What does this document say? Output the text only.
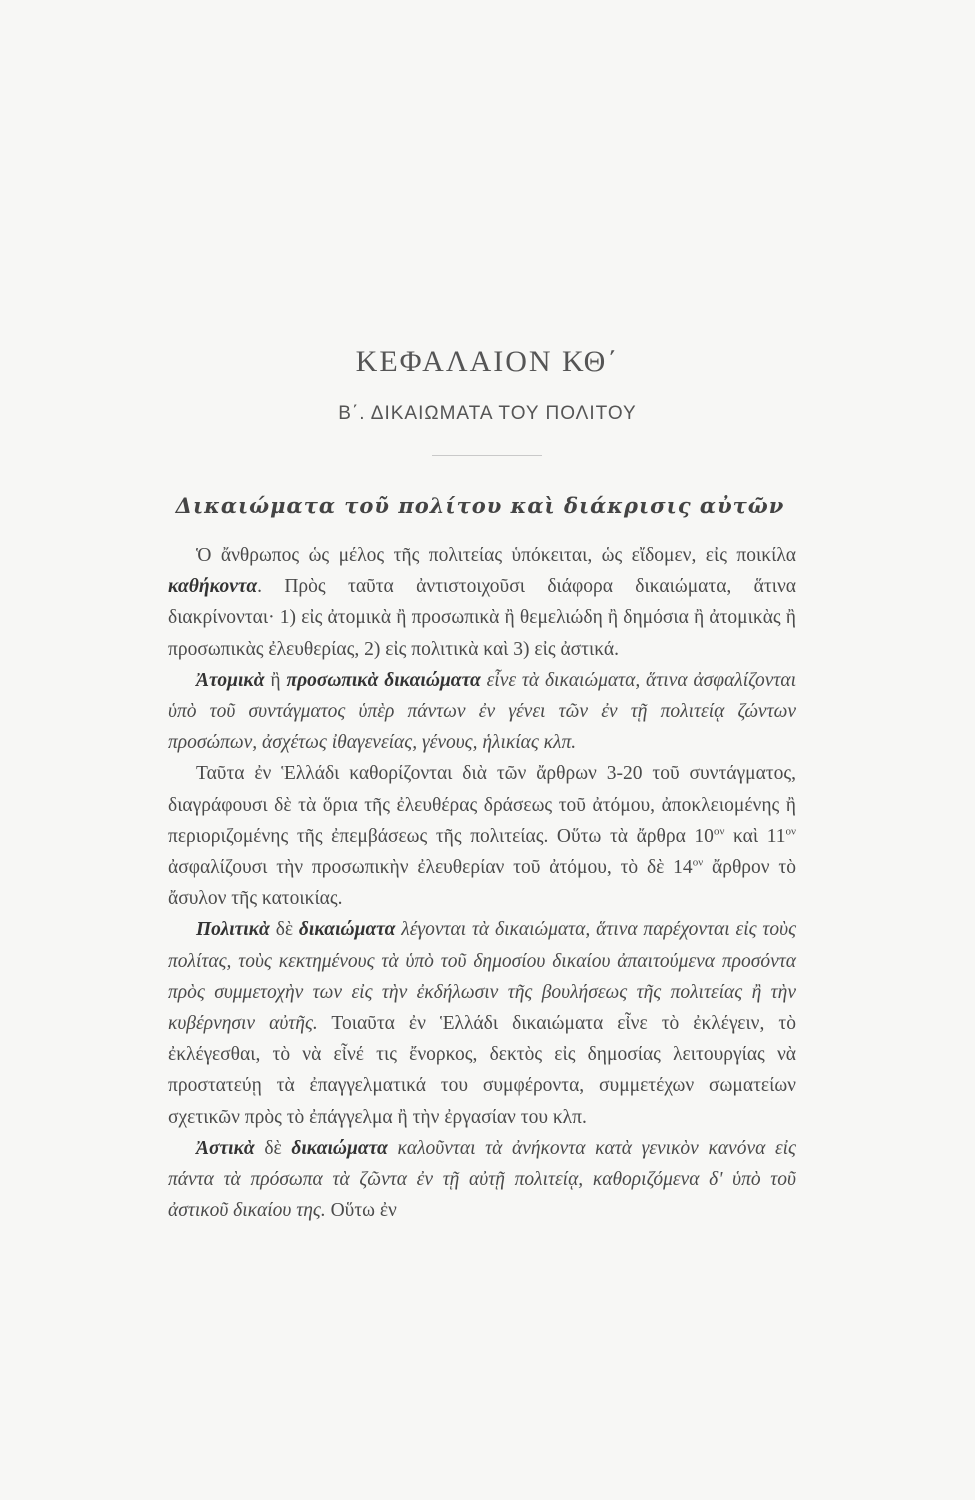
ΚΕΦΑΛΑΙΟΝ ΚΘ΄
Β΄. ΔΙΚΑΙΩΜΑΤΑ ΤΟΥ ΠΟΛΙΤΟΥ
Δικαιώματα τοῦ πολίτου καὶ διάκρισις αὐτῶν

Ὁ ἄνθρωπος ὡς μέλος τῆς πολιτείας ὑπόκειται, ὡς εἴδομεν, εἰς ποικίλα καθήκοντα. Πρὸς ταῦτα ἀντιστοιχοῦσι διάφορα δικαιώματα, ἅτινα διακρίνονται· 1) εἰς ἀτομικὰ ἢ προσωπικὰ ἢ θεμελιώδη ἢ δημόσια ἢ ἀτομικὰς ἢ προσωπικὰς ἐλευθερίας, 2) εἰς πολιτικὰ καὶ 3) εἰς ἀστικά.

Ἀτομικὰ ἢ προσωπικὰ δικαιώματα εἶνε τὰ δικαιώματα, ἅτινα ἀσφαλίζονται ὑπὸ τοῦ συντάγματος ὑπὲρ πάντων ἐν γένει τῶν ἐν τῇ πολιτείᾳ ζώντων προσώπων, ἀσχέτως ἰθαγενείας, γένους, ἡλικίας κλπ.

Ταῦτα ἐν Ἑλλάδι καθορίζονται διὰ τῶν ἄρθρων 3-20 τοῦ συντάγματος, διαγράφουσι δὲ τὰ ὅρια τῆς ἐλευθέρας δράσεως τοῦ ἀτόμου, ἀποκλειομένης ἢ περιοριζομένης τῆς ἐπεμβάσεως τῆς πολιτείας. Οὕτω τὰ ἄρθρα $10^{o\nu}$ καὶ $11^{o\nu}$ ἀσφαλίζουσι τὴν προσωπικὴν ἐλευθερίαν τοῦ ἀτόμου, τὸ δὲ $14^{o\nu}$ ἄρθρον τὸ ἄσυλον τῆς κατοικίας.

Πολιτικὰ δὲ δικαιώματα λέγονται τὰ δικαιώματα, ἅτινα παρέχονται εἰς τοὺς πολίτας, τοὺς κεκτημένους τὰ ὑπὸ τοῦ δημοσίου δικαίου ἀπαιτούμενα προσόντα πρὸς συμμετοχὴν των εἰς τὴν ἐκδήλωσιν τῆς βουλήσεως τῆς πολιτείας ἢ τὴν κυβέρνησιν αὐτῆς. Τοιαῦτα ἐν Ἑλλάδι δικαιώματα εἶνε τὸ ἐκλέγειν, τὸ ἐκλέγεσθαι, τὸ νὰ εἶνέ τις ἔνορκος, δεκτὸς εἰς δημοσίας λειτουργίας νὰ προστατεύῃ τὰ ἐπαγγελματικά του συμφέροντα, συμμετέχων σωματείων σχετικῶν πρὸς τὸ ἐπάγγελμα ἢ τὴν ἐργασίαν του κλπ.

Ἀστικὰ δὲ δικαιώματα καλοῦνται τὰ ἀνήκοντα κατὰ γενικὸν κανόνα εἰς πάντα τὰ πρόσωπα τὰ ζῶντα ἐν τῇ αὐτῇ πολιτείᾳ, καθοριζόμενα δ' ὑπὸ τοῦ ἀστικοῦ δικαίου της. Οὕτω ἐν
